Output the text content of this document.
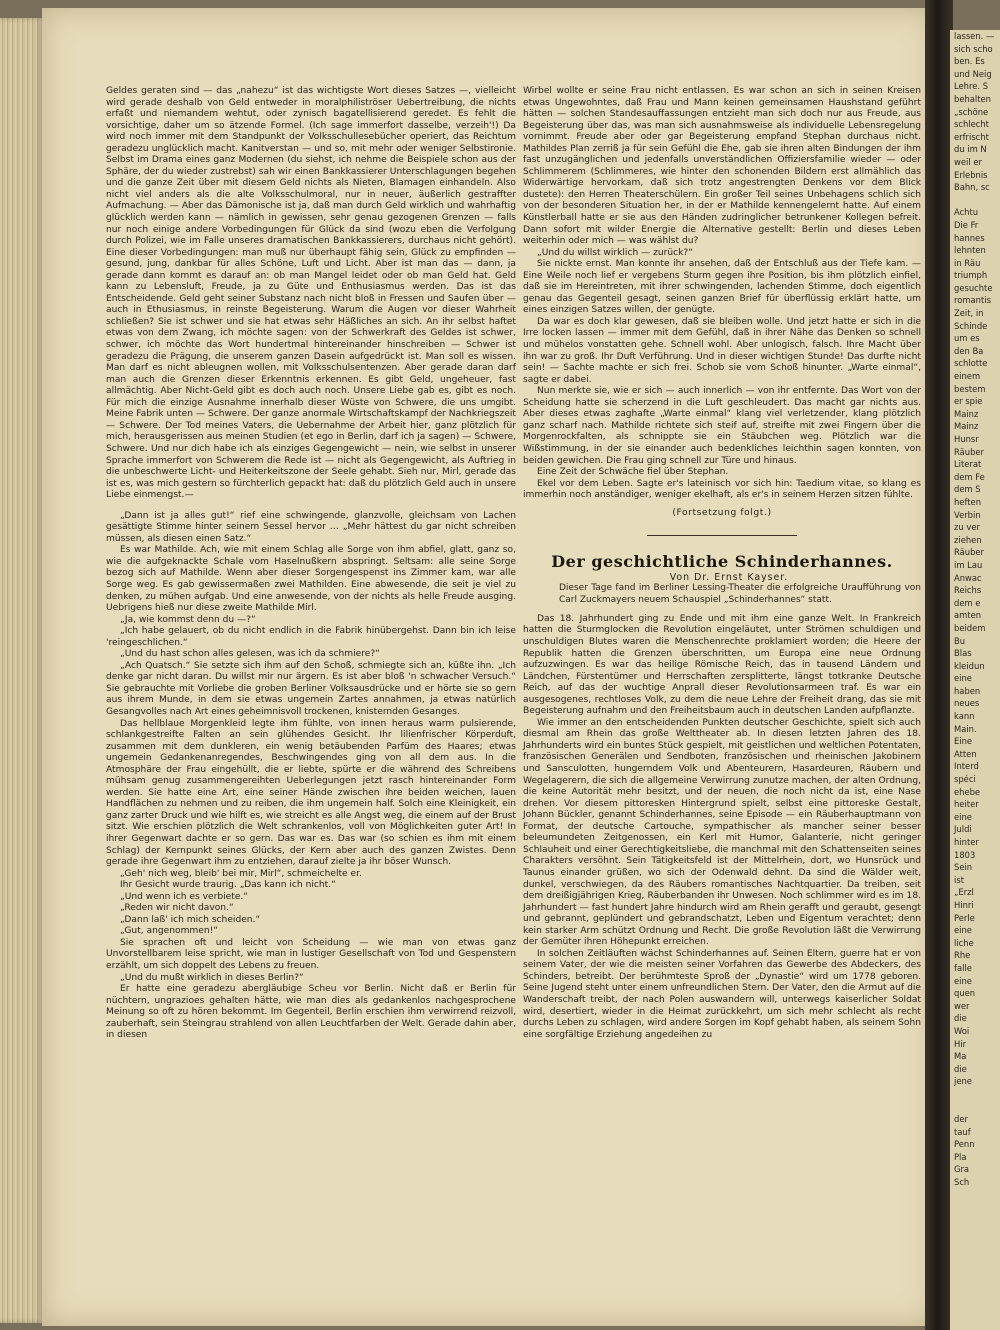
lassen. —
sich scho
ben. Es
und Neig
Lehre. S
behalten
„schöne
schlecht
erfrischt
du im N
weil er
Erlebnis
Bahn, sc

Achtu
Die Fr
hannes
lehnten
in Räu
triumph
gesuchte
romantis
Zeit, in
Schinde
um es
den Ba
schlotte
einem
bestem
er spie
Mainz
Mainz
Hunsr
Räuber
Literat
dem Fe
dem S
heften
Verbin
zu ver
ziehen
Räuber
im Lau
Anwac
Reichs
dem e
amten
beidem
Bu
Blas
kleidun
eine
haben
neues
kann
Main.
Eine
Atten
Interd
spéci
ehebe
heiter
eine
Juldi
hinter
1803
Sein
ist
„Erzl
Hinri
Perle
eine
liche
Rhe
falle
eine
quen
wer
die
Woi
Hir
Ma
die
jene

der
tauf
Penn
Pla
Gra
Sch

Geldes geraten sind — das „nahezu“ ist das wichtigste Wort dieses Satzes —, vielleicht wird gerade deshalb von Geld entweder in moralphiliströser Uebertreibung, die nichts erfaßt und niemandem wehtut, oder zynisch bagatellisierend geredet. Es fehlt die vorsichtige, daher um so ätzende Formel. (Ich sage immerfort dasselbe, verzeih'!) Da wird noch immer mit dem Standpunkt der Volksschullesebücher operiert, das Reichtum geradezu unglücklich macht. Kanitverstan — und so, mit mehr oder weniger Selbstironie. Selbst im Drama eines ganz Modernen (du siehst, ich nehme die Beispiele schon aus der Sphäre, der du wieder zustrebst) sah wir einen Bankkassierer Unterschlagungen begehen und die ganze Zeit über mit diesem Geld nichts als Nieten, Blamagen einhandeln. Also nicht viel anders als die alte Volksschulmoral, nur in neuer, äußerlich gestraffter Aufmachung. — Aber das Dämonische ist ja, daß man durch Geld wirklich und wahrhaftig glücklich werden kann — nämlich in gewissen, sehr genau gezogenen Grenzen — falls nur noch einige andere Vorbedingungen für Glück da sind (wozu eben die Verfolgung durch Polizei, wie im Falle unseres dramatischen Bankkassierers, durchaus nicht gehört). Eine dieser Vorbedingungen: man muß nur überhaupt fähig sein, Glück zu empfinden — gesund, jung, dankbar für alles Schöne, Luft und Licht. Aber ist man das — dann, ja gerade dann kommt es darauf an: ob man Mangel leidet oder ob man Geld hat. Geld kann zu Lebensluft, Freude, ja zu Güte und Enthusiasmus werden. Das ist das Entscheidende. Geld geht seiner Substanz nach nicht bloß in Fressen und Saufen über — auch in Ethusiasmus, in reinste Begeisterung. Warum die Augen vor dieser Wahrheit schließen? Sie ist schwer und sie hat etwas sehr Häßliches an sich. An ihr selbst haftet etwas von dem Zwang, ich möchte sagen: von der Schwerkraft des Geldes ist schwer, schwer, ich möchte das Wort hundertmal hintereinander hinschreiben — Schwer ist geradezu die Prägung, die unserem ganzen Dasein aufgedrückt ist. Man soll es wissen. Man darf es nicht ableugnen wollen, mit Volksschulsentenzen. Aber gerade daran darf man auch die Grenzen dieser Erkenntnis erkennen. Es gibt Geld, ungeheuer, fast allmächtig. Aber Nicht-Geld gibt es doch auch noch. Unsere Liebe gab es, gibt es noch. Für mich die einzige Ausnahme innerhalb dieser Wüste von Schwere, die uns umgibt. Meine Fabrik unten — Schwere. Der ganze anormale Wirtschaftskampf der Nachkriegszeit — Schwere. Der Tod meines Vaters, die Uebernahme der Arbeit hier, ganz plötzlich für mich, herausgerissen aus meinen Studien (et ego in Berlin, darf ich ja sagen) — Schwere, Schwere. Und nur dich habe ich als einziges Gegengewicht — nein, wie selbst in unserer Sprache immerfort von Schwerem die Rede ist — nicht als Gegengewicht, als Auftrieg in die unbeschwerte Licht- und Heiterkeitszone der Seele gehabt. Sieh nur, Mirl, gerade das ist es, was mich gestern so fürchterlich gepackt hat: daß du plötzlich Geld auch in unsere Liebe einmengst.—

„Dann ist ja alles gut!“ rief eine schwingende, glanzvolle, gleichsam von Lachen gesättigte Stimme hinter seinem Sessel hervor … „Mehr hättest du gar nicht schreiben müssen, als diesen einen Satz.“

Es war Mathilde. Ach, wie mit einem Schlag alle Sorge von ihm abfiel, glatt, ganz so, wie die aufgeknackte Schale vom Haselnußkern abspringt. Seltsam: alle seine Sorge bezog sich auf Mathilde. Wenn aber dieser Sorgengespenst ins Zimmer kam, war alle Sorge weg. Es gab gewissermaßen zwei Mathilden. Eine abwesende, die seit je viel zu denken, zu mühen aufgab. Und eine anwesende, von der nichts als helle Freude ausging. Uebrigens hieß nur diese zweite Mathilde Mirl.

„Ja, wie kommst denn du —?“

„Ich habe gelauert, ob du nicht endlich in die Fabrik hinübergehst. Dann bin ich leise 'reingeschlichen.“

„Und du hast schon alles gelesen, was ich da schmiere?“

„Ach Quatsch.“ Sie setzte sich ihm auf den Schoß, schmiegte sich an, küßte ihn. „Ich denke gar nicht daran. Du willst mir nur ärgern. Es ist aber bloß 'n schwacher Versuch.“ Sie gebrauchte mit Vorliebe die groben Berliner Volksausdrücke und er hörte sie so gern aus ihrem Munde, in dem sie etwas ungemein Zartes annahmen, ja etwas natürlich Gesangvolles nach Art eines geheimnisvoll trockenen, knisternden Gesanges.

Das hellblaue Morgenkleid legte ihm fühlte, von innen heraus warm pulsierende, schlankgestreifte Falten an sein glühendes Gesicht. Ihr lilienfrischer Körperduft, zusammen mit dem dunkleren, ein wenig betäubenden Parfüm des Haares; etwas ungemein Gedankenanregendes, Beschwingendes ging von all dem aus. In die Atmosphäre der Frau eingehüllt, die er liebte, spürte er die während des Schreibens mühsam genug zusammengereihten Ueberlegungen jetzt rasch hintereinander Form werden. Sie hatte eine Art, eine seiner Hände zwischen ihre beiden weichen, lauen Handflächen zu nehmen und zu reiben, die ihm ungemein half. Solch eine Kleinigkeit, ein ganz zarter Druck und wie hilft es, wie streicht es alle Angst weg, die einem auf der Brust sitzt. Wie erschien plötzlich die Welt schrankenlos, voll von Möglichkeiten guter Art! In ihrer Gegenwart dachte er so gern. Das war es. Das war (so schien es ihm mit einem Schlag) der Kernpunkt seines Glücks, der Kern aber auch des ganzen Zwistes. Denn gerade ihre Gegenwart ihm zu entziehen, darauf zielte ja ihr böser Wunsch.

„Geh' nich weg, bleib' bei mir, Mirl“, schmeichelte er.

Ihr Gesicht wurde traurig. „Das kann ich nicht.“

„Und wenn ich es verbiete.“

„Reden wir nicht davon.“

„Dann laß' ich mich scheiden.“

„Gut, angenommen!“

Sie sprachen oft und leicht von Scheidung — wie man von etwas ganz Unvorstellbarem leise spricht, wie man in lustiger Gesellschaft von Tod und Gespenstern erzählt, um sich doppelt des Lebens zu freuen.

„Und du mußt wirklich in dieses Berlin?“

Er hatte eine geradezu abergläubige Scheu vor Berlin. Nicht daß er Berlin für nüchtern, ungrazioes gehalten hätte, wie man dies als gedankenlos nachgesprochene Meinung so oft zu hören bekommt. Im Gegenteil, Berlin erschien ihm verwirrend reizvoll, zauberhaft, sein Steingrau strahlend von allen Leuchtfarben der Welt. Gerade dahin aber, in diesen

Wirbel wollte er seine Frau nicht entlassen. Es war schon an sich in seinen Kreisen etwas Ungewohntes, daß Frau und Mann keinen gemeinsamen Haushstand geführt hätten — solchen Standesauffassungen entzieht man sich doch nur aus Freude, aus Begeisterung über das, was man sich ausnahmsweise als individuelle Lebensregelung vornimmt. Freude aber oder gar Begeisterung empfand Stephan durchaus nicht. Mathildes Plan zerriß ja für sein Gefühl die Ehe, gab sie ihren alten Bindungen der ihm fast unzugänglichen und jedenfalls unverständlichen Offiziersfamilie wieder — oder Schlimmerem (Schlimmeres, wie hinter den schonenden Bildern erst allmählich das Widerwärtige hervorkam, daß sich trotz angestrengten Denkens vor dem Blick dustete): den Herren Theaterschülern. Ein großer Teil seines Unbehagens schlich sich von der besonderen Situation her, in der er Mathilde kennengelernt hatte. Auf einem Künstlerball hatte er sie aus den Händen zudringlicher betrunkener Kollegen befreit. Dann sofort mit wilder Energie die Alternative gestellt: Berlin und dieses Leben weiterhin oder mich — was wählst du?

„Und du willst wirklich — zurück?“

Sie nickte ernst. Man konnte ihr ansehen, daß der Entschluß aus der Tiefe kam. — Eine Weile noch lief er vergebens Sturm gegen ihre Position, bis ihm plötzlich einfiel, daß sie im Hereintreten, mit ihrer schwingenden, lachenden Stimme, doch eigentlich genau das Gegenteil gesagt, seinen ganzen Brief für überflüssig erklärt hatte, um eines einzigen Satzes willen, der genügte.

Da war es doch klar gewesen, daß sie bleiben wolle. Und jetzt hatte er sich in die Irre locken lassen — immer mit dem Gefühl, daß in ihrer Nähe das Denken so schnell und mühelos vonstatten gehe. Schnell wohl. Aber unlogisch, falsch. Ihre Macht über ihn war zu groß. Ihr Duft Verführung. Und in dieser wichtigen Stunde! Das durfte nicht sein! — Sachte machte er sich frei. Schob sie vom Schoß hinunter. „Warte einmal“, sagte er dabei.

Nun merkte sie, wie er sich — auch innerlich — von ihr entfernte. Das Wort von der Scheidung hatte sie scherzend in die Luft geschleudert. Das macht gar nichts aus. Aber dieses etwas zaghafte „Warte einmal“ klang viel verletzender, klang plötzlich ganz scharf nach. Mathilde richtete sich steif auf, streifte mit zwei Fingern über die Morgenrockfalten, als schnippte sie ein Stäubchen weg. Plötzlich war die Wißstimmung, in der sie einander auch bedenkliches leichthin sagen konnten, von beiden gewichen. Die Frau ging schnell zur Türe und hinaus.

Eine Zeit der Schwäche fiel über Stephan.

Ekel vor dem Leben. Sagte er's lateinisch vor sich hin: Taedium vitae, so klang es immerhin noch anständiger, weniger ekelhaft, als er's in seinem Herzen sitzen fühlte.

(Fortsetzung folgt.)

Der geschichtliche Schinderhannes.

Von Dr. Ernst Kayser.

Dieser Tage fand im Berliner Lessing-Theater die erfolgreiche Uraufführung von Carl Zuckmayers neuem Schauspiel „Schinderhannes“ statt.

Das 18. Jahrhundert ging zu Ende und mit ihm eine ganze Welt. In Frankreich hatten die Sturmglocken die Revolution eingeläutet, unter Strömen schuldigen und unschuldigen Blutes waren die Menschenrechte proklamiert worden; die Heere der Republik hatten die Grenzen überschritten, um Europa eine neue Ordnung aufzuzwingen. Es war das heilige Römische Reich, das in tausend Ländern und Ländchen, Fürstentümer und Herrschaften zersplitterte, längst totkranke Deutsche Reich, auf das der wuchtige Anprall dieser Revolutionsarmeen traf. Es war ein ausgesogenes, rechtloses Volk, zu dem die neue Lehre der Freiheit drang, das sie mit Begeisterung aufnahm und den Freiheitsbaum auch in deutschen Landen aufpflanzte.

Wie immer an den entscheidenden Punkten deutscher Geschichte, spielt sich auch diesmal am Rhein das große Welttheater ab. In diesen letzten Jahren des 18. Jahrhunderts wird ein buntes Stück gespielt, mit geistlichen und weltlichen Potentaten, französischen Generälen und Sendboten, französischen und rheinischen Jakobinern und Sansculotten, hungerndem Volk und Abenteurern, Hasardeuren, Räubern und Wegelagerern, die sich die allgemeine Verwirrung zunutze machen, der alten Ordnung, die keine Autorität mehr besitzt, und der neuen, die noch nicht da ist, eine Nase drehen. Vor diesem pittoresken Hintergrund spielt, selbst eine pittoreske Gestalt, Johann Bückler, genannt Schinderhannes, seine Episode — ein Räuberhauptmann von Format, der deutsche Cartouche, sympathischer als mancher seiner besser beleumundeten Zeitgenossen, ein Kerl mit Humor, Galanterie, nicht geringer Schlauheit und einer Gerechtigkeitsliebe, die manchmal mit den Schattenseiten seines Charakters versöhnt. Sein Tätigkeitsfeld ist der Mittelrhein, dort, wo Hunsrück und Taunus einander grüßen, wo sich der Odenwald dehnt. Da sind die Wälder weit, dunkel, verschwiegen, da des Räubers romantisches Nachtquartier. Da treiben, seit dem dreißigjährigen Krieg, Räuberbanden ihr Unwesen. Noch schlimmer wird es im 18. Jahrhundert — fast hundert Jahre hindurch wird am Rhein gerafft und geraubt, gesengt und gebrannt, geplündert und gebrandschatzt, Leben und Eigentum verachtet; denn kein starker Arm schützt Ordnung und Recht. Die große Revolution läßt die Verwirrung der Gemüter ihren Höhepunkt erreichen.

In solchen Zeitläuften wächst Schinderhannes auf. Seinen Eltern, guerre hat er von seinem Vater, der wie die meisten seiner Vorfahren das Gewerbe des Abdeckers, des Schinders, betreibt. Der berühmteste Sproß der „Dynastie“ wird um 1778 geboren. Seine Jugend steht unter einem unfreundlichen Stern. Der Vater, den die Armut auf die Wanderschaft treibt, der nach Polen auswandern will, unterwegs kaiserlicher Soldat wird, desertiert, wieder in die Heimat zurückkehrt, um sich mehr schlecht als recht durchs Leben zu schlagen, wird andere Sorgen im Kopf gehabt haben, als seinem Sohn eine sorgfältige Erziehung angedeihen zu
